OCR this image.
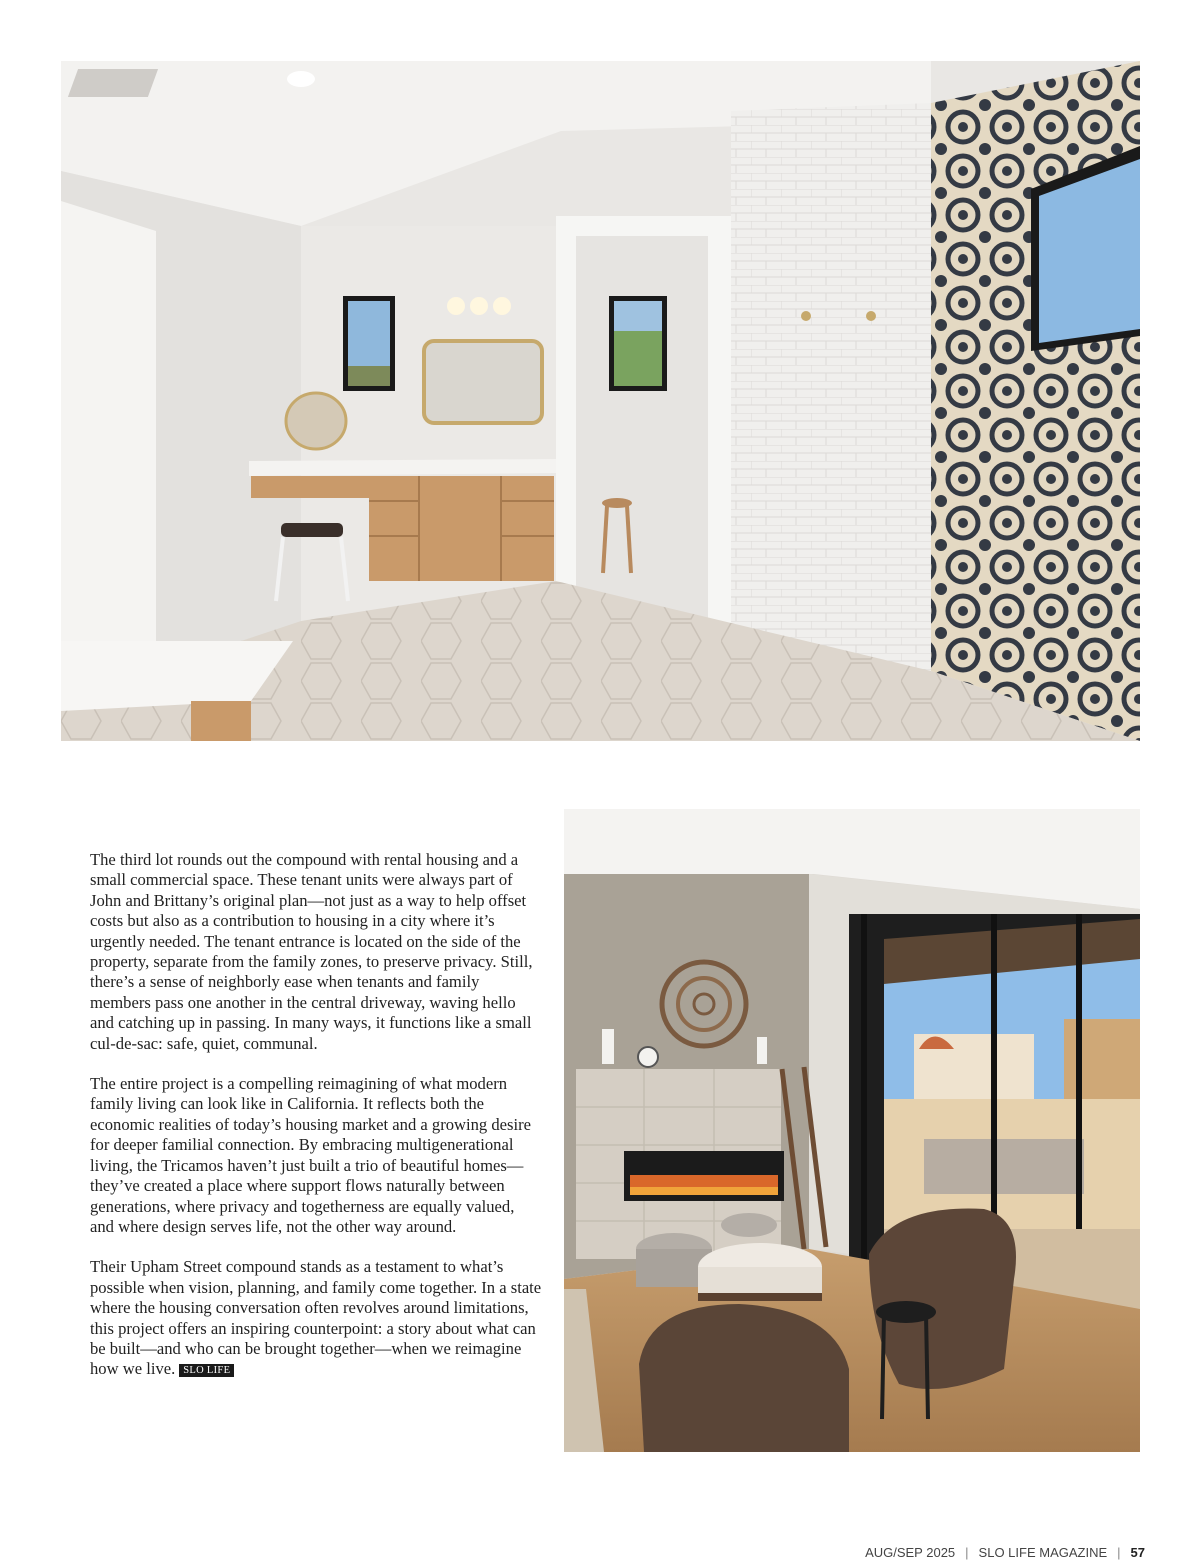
The third lot rounds out the compound with rental housing and a small commercial space. These tenant units were always part of John and Brittany’s original plan—not just as a way to help offset costs but also as a contribution to housing in a city where it’s urgently needed. The tenant entrance is located on the side of the property, separate from the family zones, to preserve privacy. Still, there’s a sense of neighborly ease when tenants and family members pass one another in the central driveway, waving hello and catching up in passing. In many ways, it functions like a small cul-de-sac: safe, quiet, communal.

The entire project is a compelling reimagining of what modern family living can look like in California. It reflects both the economic realities of today’s housing market and a growing desire for deeper familial connection. By embracing multigenerational living, the Tricamos haven’t just built a trio of beautiful homes—they’ve created a place where support flows naturally between generations, where privacy and togetherness are equally valued, and where design serves life, not the other way around.

Their Upham Street compound stands as a testament to what’s possible when vision, planning, and family come together. In a state where the housing conversation often revolves around limitations, this project offers an inspiring counterpoint: a story about what can be built—and who can be brought together—when we reimagine how we live. SLO LIFE

AUG/SEP 2025 | SLO LIFE MAGAZINE | 57
